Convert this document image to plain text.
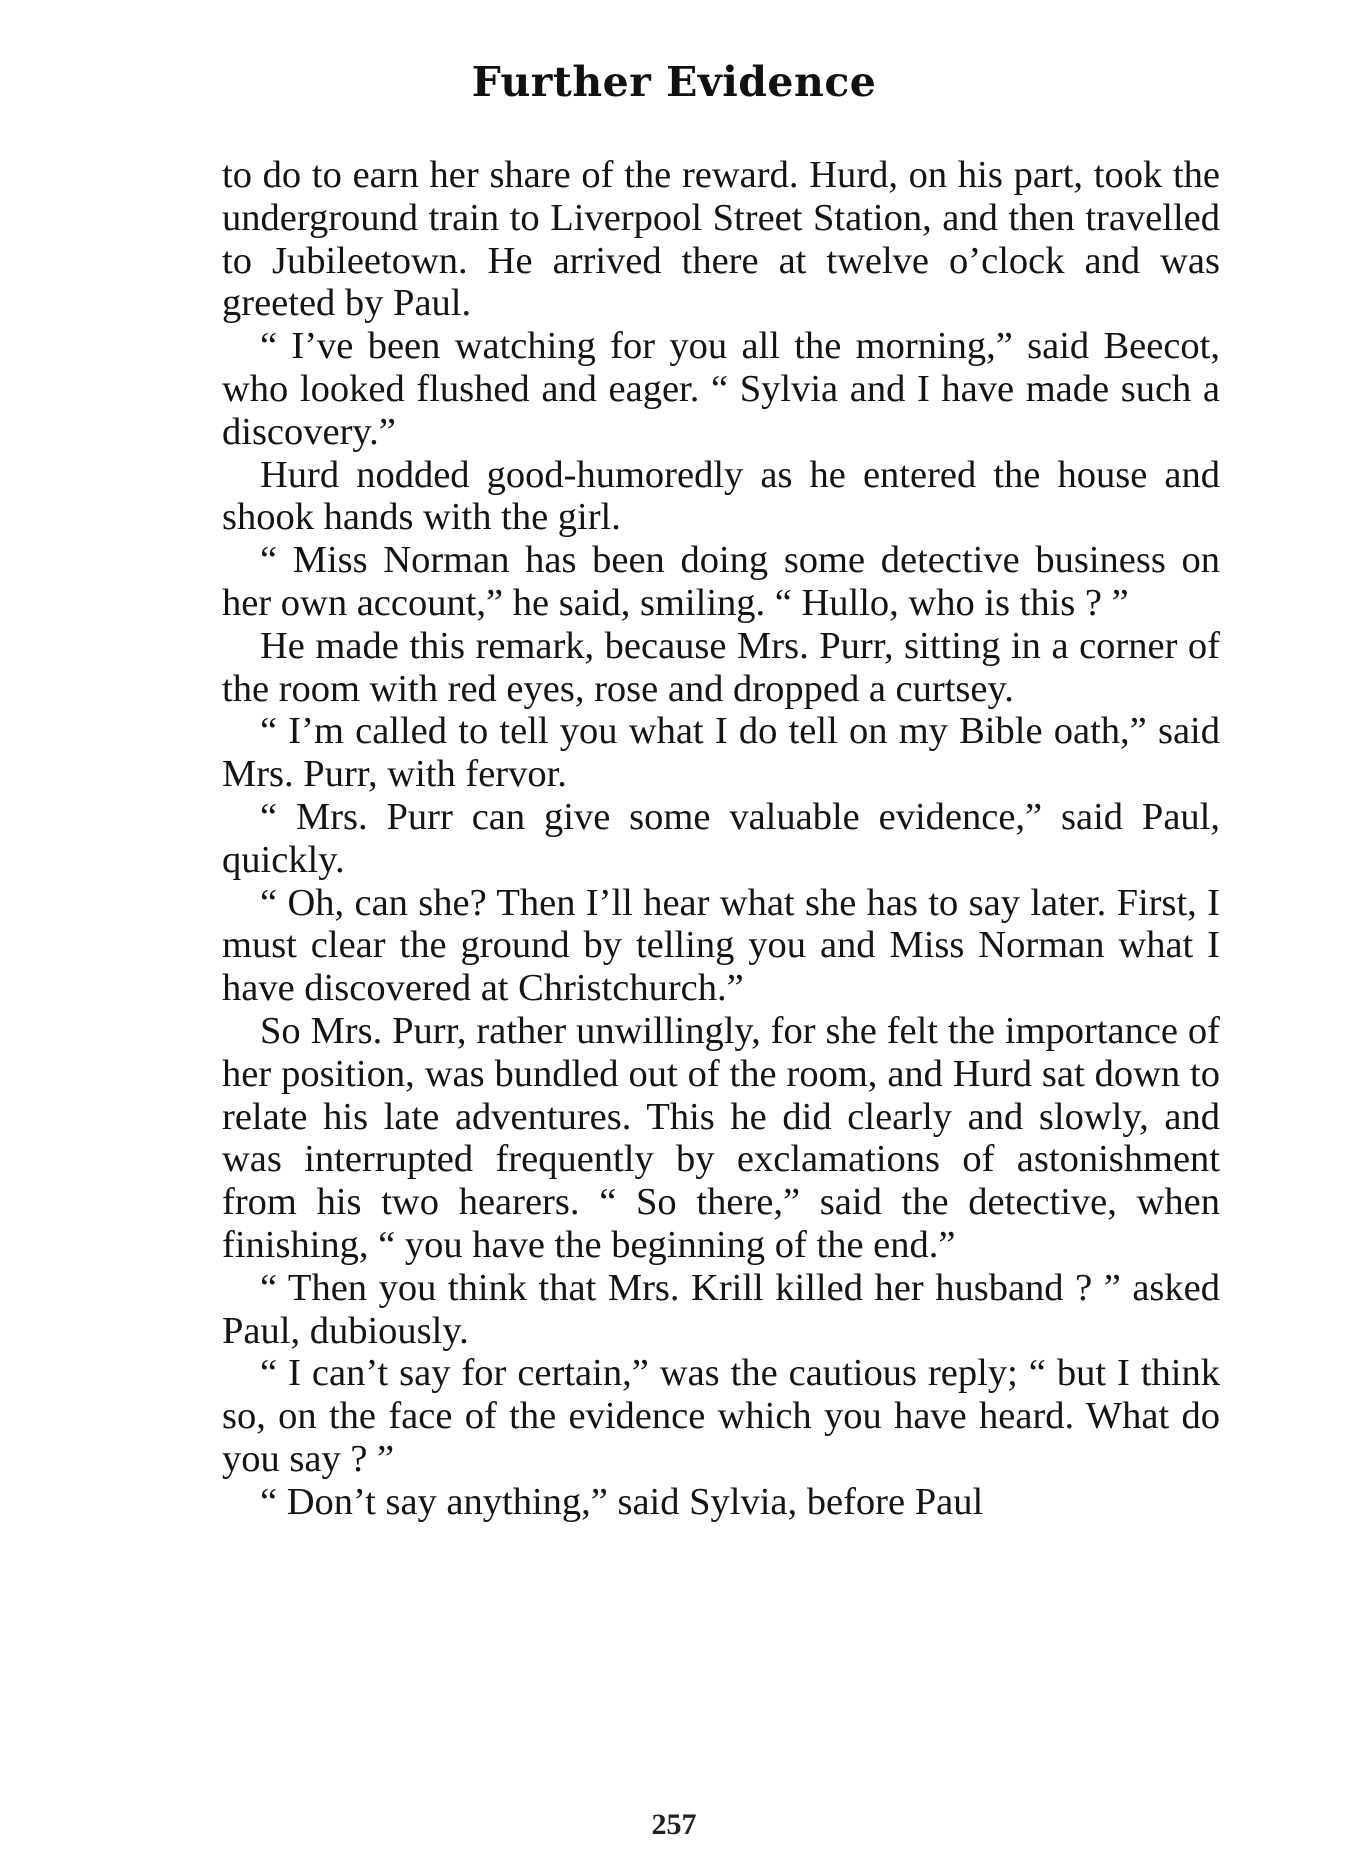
Further Evidence

to do to earn her share of the reward. Hurd, on his part, took the underground train to Liverpool Street Station, and then travelled to Jubileetown. He arrived there at twelve o’clock and was greeted by Paul.

“ I’ve been watching for you all the morning,” said Beecot, who looked flushed and eager. “ Sylvia and I have made such a discovery.”

Hurd nodded good-humoredly as he entered the house and shook hands with the girl.

“ Miss Norman has been doing some detective business on her own account,” he said, smiling. “ Hullo, who is this ? ”

He made this remark, because Mrs. Purr, sitting in a corner of the room with red eyes, rose and dropped a curtsey.

“ I’m called to tell you what I do tell on my Bible oath,” said Mrs. Purr, with fervor.

“ Mrs. Purr can give some valuable evidence,” said Paul, quickly.

“ Oh, can she? Then I’ll hear what she has to say later. First, I must clear the ground by telling you and Miss Norman what I have discovered at Christchurch.”

So Mrs. Purr, rather unwillingly, for she felt the importance of her position, was bundled out of the room, and Hurd sat down to relate his late adventures. This he did clearly and slowly, and was interrupted frequently by exclamations of astonishment from his two hearers. “ So there,” said the detective, when finishing, “ you have the beginning of the end.”

“ Then you think that Mrs. Krill killed her husband ? ” asked Paul, dubiously.

“ I can’t say for certain,” was the cautious reply; “ but I think so, on the face of the evidence which you have heard. What do you say ? ”

“ Don’t say anything,” said Sylvia, before Paul

257
